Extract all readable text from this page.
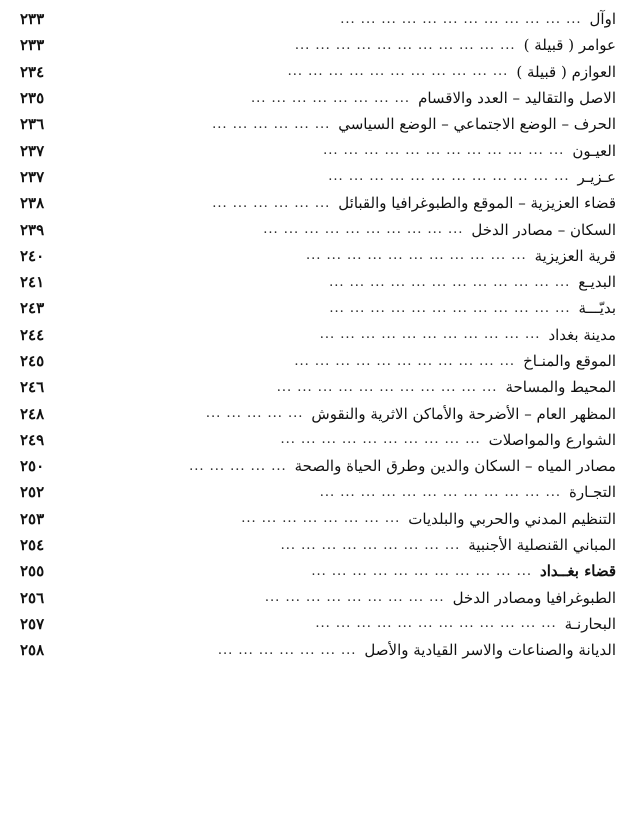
اوآل
... ... ... ... ... ... ... ... ... ... ... ...
٢٣٣
عوامر ( قبيلة )
... ... ... ... ... ... ... ... ... ... ...
٢٣٣
العوازم ( قبيلة )
... ... ... ... ... ... ... ... ... ... ...
٢٣٤
الاصل والتقاليد – العدد والاقسام
... ... ... ... ... ... ... ...
٢٣٥
الحرف – الوضع الاجتماعي – الوضع السياسي
... ... ... ... ... ...
٢٣٦
العيـون
... ... ... ... ... ... ... ... ... ... ... ...
٢٣٧
عـزيـر
... ... ... ... ... ... ... ... ... ... ... ...
٢٣٧
قضاء العزيزية – الموقع والطبوغرافيا والقبائل
... ... ... ... ... ...
٢٣٨
السكان – مصادر الدخل
... ... ... ... ... ... ... ... ... ...
٢٣٩
قرية العزيزية
... ... ... ... ... ... ... ... ... ... ...
٢٤٠
البديـع
... ... ... ... ... ... ... ... ... ... ... ...
٢٤١
بديّـــة
... ... ... ... ... ... ... ... ... ... ... ...
٢٤٣
مدينة بغداد
... ... ... ... ... ... ... ... ... ... ...
٢٤٤
الموقع والمنـاخ
... ... ... ... ... ... ... ... ... ... ...
٢٤٥
المحيط والمساحة
... ... ... ... ... ... ... ... ... ... ...
٢٤٦
المظهر العام – الأضرحة والأماكن الاثرية والنقوش
... ... ... ... ...
٢٤٨
الشوارع والمواصلات
... ... ... ... ... ... ... ... ... ...
٢٤٩
مصادر المياه – السكان والدين وطرق الحياة والصحة
... ... ... ... ...
٢٥٠
التجـارة
... ... ... ... ... ... ... ... ... ... ... ...
٢٥٢
التنظيم المدني والحربي والبلديات
... ... ... ... ... ... ... ...
٢٥٣
المباني القنصلية الأجنبية
... ... ... ... ... ... ... ... ...
٢٥٤
قضاء بغــداد
... ... ... ... ... ... ... ... ... ... ...
٢٥٥
الطبوغرافيا ومصادر الدخل
... ... ... ... ... ... ... ... ...
٢٥٦
البحارنـة
... ... ... ... ... ... ... ... ... ... ... ...
٢٥٧
الديانة والصناعات والاسر القيادية والأصل
... ... ... ... ... ... ...
٢٥٨
